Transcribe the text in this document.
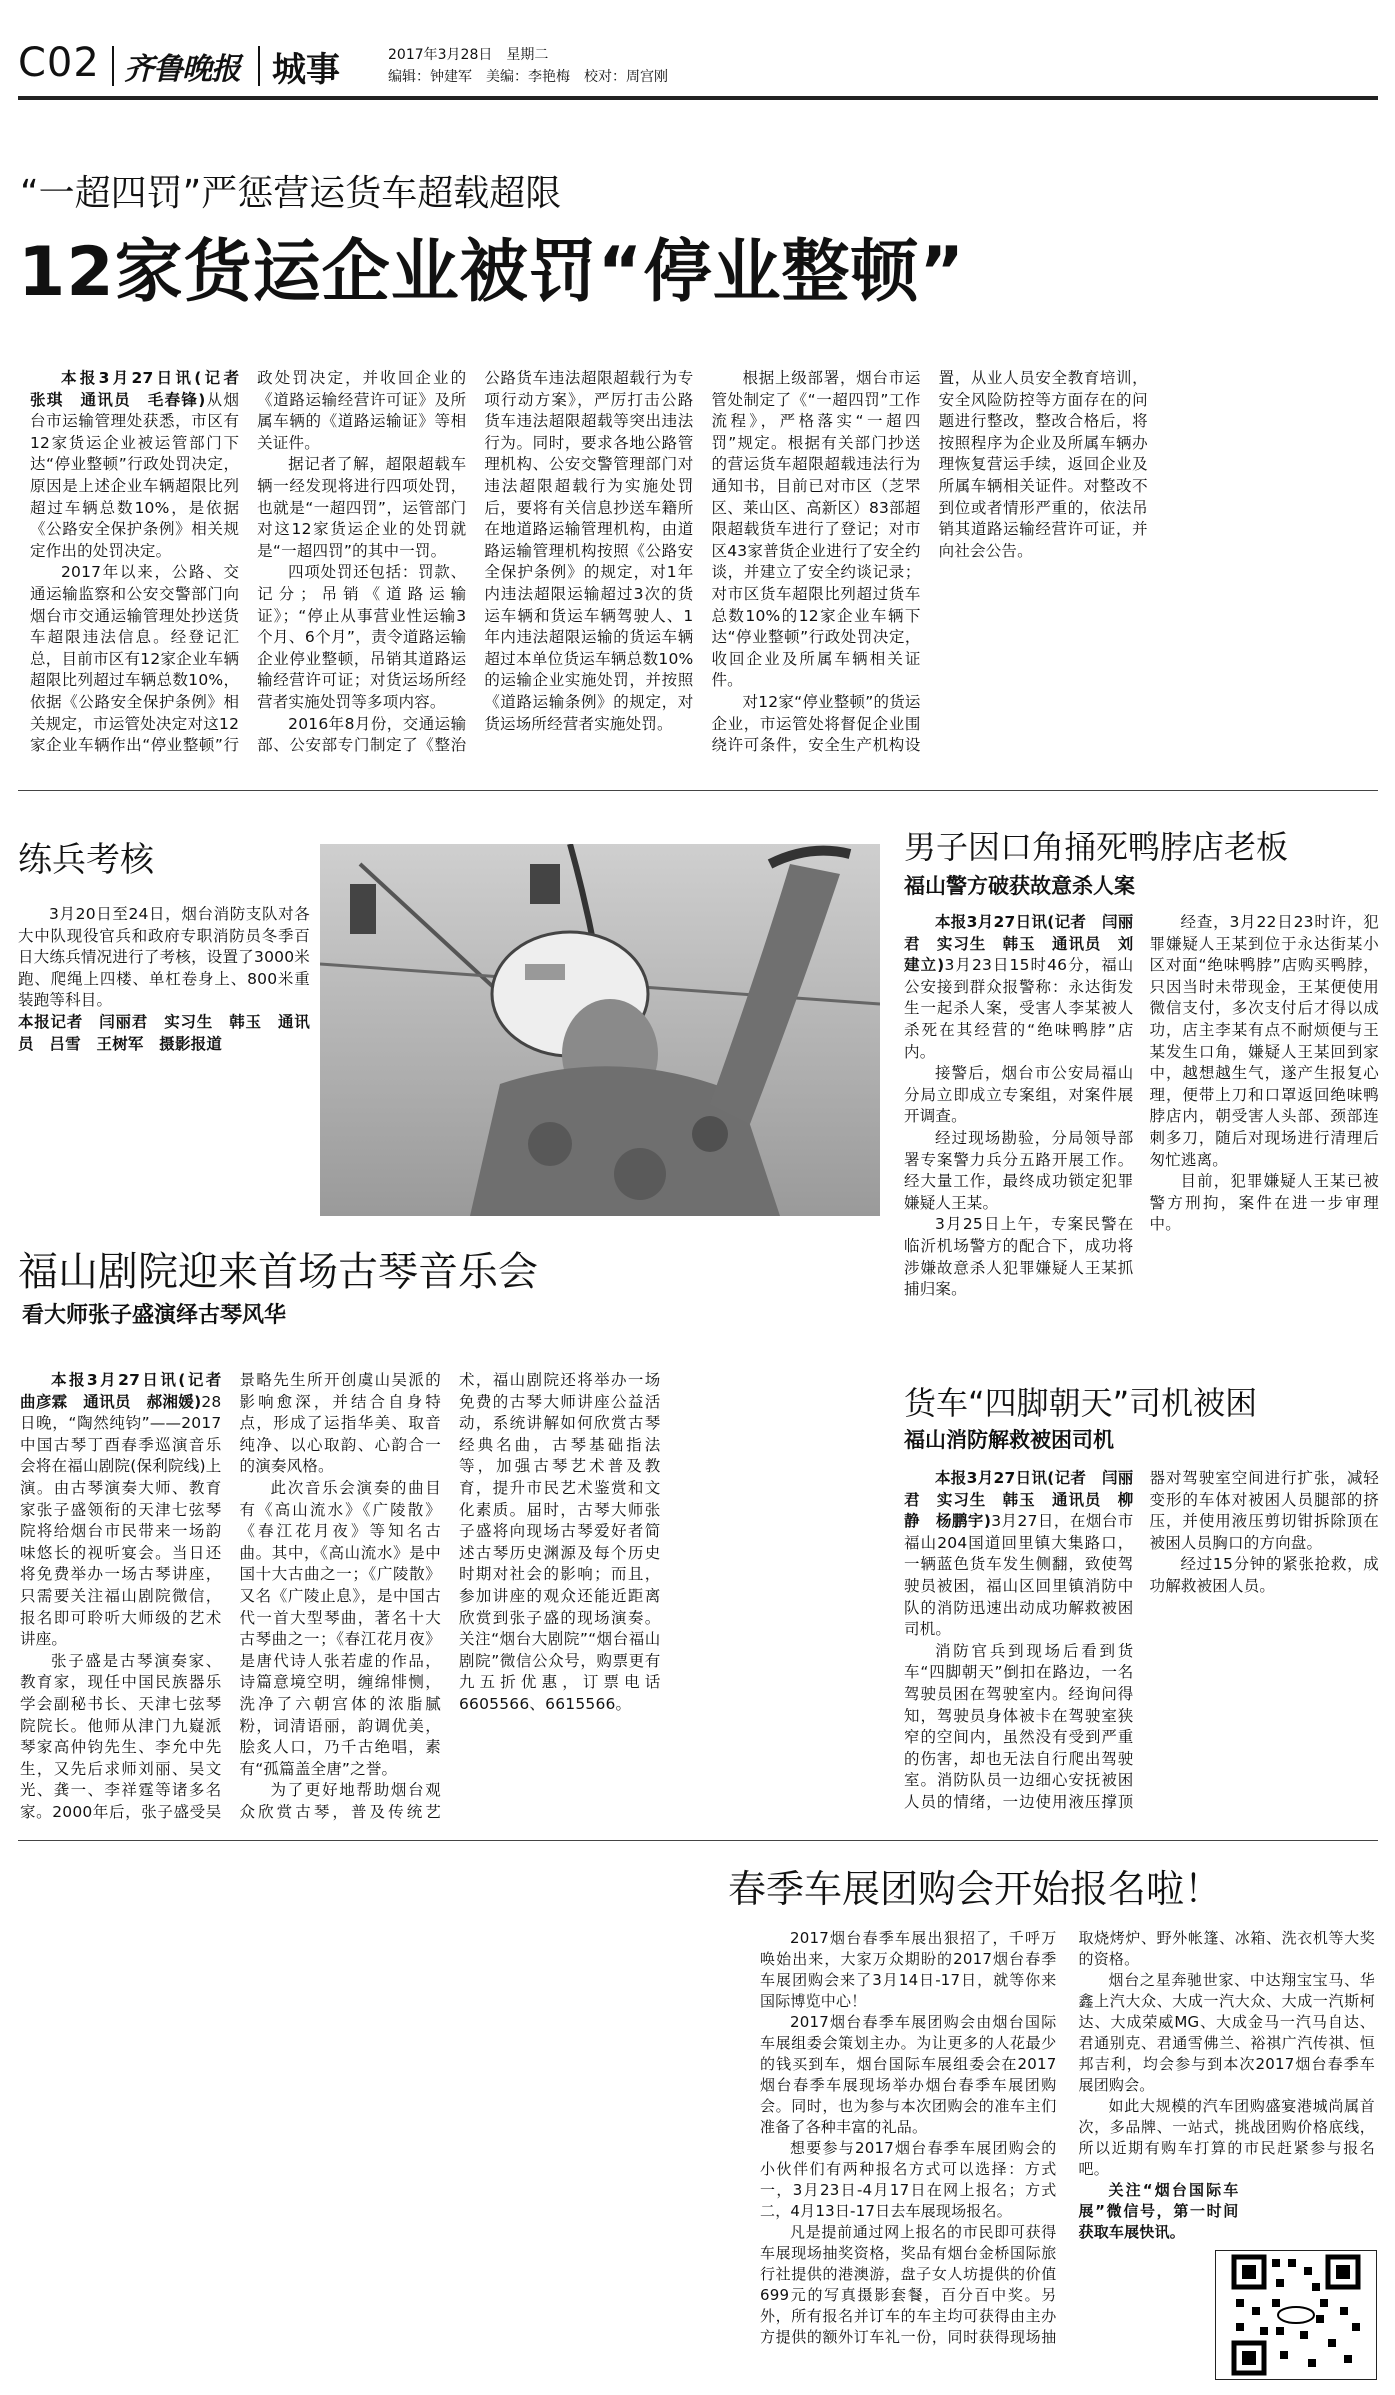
C02 齐鲁晚报 城事	2017年3月28日　星期二
编辑：钟建军　美编：李艳梅　校对：周宫刚
“一超四罚”严惩营运货车超载超限
12家货运企业被罚“停业整顿”

本报3月27日讯(记者　张琪　通讯员　毛春锋)从烟台市运输管理处获悉，市区有12家货运企业被运管部门下达“停业整顿”行政处罚决定，原因是上述企业车辆超限比列超过车辆总数10%，是依据《公路安全保护条例》相关规定作出的处罚决定。

2017年以来，公路、交通运输监察和公安交警部门向烟台市交通运输管理处抄送货车超限违法信息。经登记汇总，目前市区有12家企业车辆超限比列超过车辆总数10%，依据《公路安全保护条例》相关规定，市运管处决定对这12家企业车辆作出“停业整顿”行政处罚决定，并收回企业的《道路运输经营许可证》及所属车辆的《道路运输证》等相关证件。

据记者了解，超限超载车辆一经发现将进行四项处罚，也就是“一超四罚”，运管部门对这12家货运企业的处罚就是“一超四罚”的其中一罚。

四项处罚还包括：罚款、记分；吊销《道路运输证》；“停止从事营业性运输3个月、6个月”，责令道路运输企业停业整顿，吊销其道路运输经营许可证；对货运场所经营者实施处罚等多项内容。

2016年8月份，交通运输部、公安部专门制定了《整治公路货车违法超限超载行为专项行动方案》，严厉打击公路货车违法超限超载等突出违法行为。同时，要求各地公路管理机构、公安交警管理部门对违法超限超载行为实施处罚后，要将有关信息抄送车籍所在地道路运输管理机构，由道路运输管理机构按照《公路安全保护条例》的规定，对1年内违法超限运输超过3次的货运车辆和货运车辆驾驶人、1年内违法超限运输的货运车辆超过本单位货运车辆总数10%的运输企业实施处罚，并按照《道路运输条例》的规定，对货运场所经营者实施处罚。

根据上级部署，烟台市运管处制定了《“一超四罚”工作流程》，严格落实“一超四罚”规定。根据有关部门抄送的营运货车超限超载违法行为通知书，目前已对市区（芝罘区、莱山区、高新区）83部超限超载货车进行了登记；对市区43家普货企业进行了安全约谈，并建立了安全约谈记录；对市区货车超限比列超过货车总数10%的12家企业车辆下达“停业整顿”行政处罚决定，收回企业及所属车辆相关证件。

对12家“停业整顿”的货运企业，市运管处将督促企业围绕许可条件，安全生产机构设置，从业人员安全教育培训，安全风险防控等方面存在的问题进行整改，整改合格后，将按照程序为企业及所属车辆办理恢复营运手续，返回企业及所属车辆相关证件。对整改不到位或者情形严重的，依法吊销其道路运输经营许可证，并向社会公告。

练兵考核

3月20日至24日，烟台消防支队对各大中队现役官兵和政府专职消防员冬季百日大练兵情况进行了考核，设置了3000米跑、爬绳上四楼、单杠卷身上、800米重装跑等科目。

本报记者　闫丽君　实习生　韩玉　通讯员　吕雪　王树军　摄影报道

男子因口角捅死鸭脖店老板
福山警方破获故意杀人案

本报3月27日讯(记者　闫丽君　实习生　韩玉　通讯员　刘建立)3月23日15时46分，福山公安接到群众报警称：永达街发生一起杀人案，受害人李某被人杀死在其经营的“绝味鸭脖”店内。

接警后，烟台市公安局福山分局立即成立专案组，对案件展开调查。

经过现场勘验，分局领导部署专案警力兵分五路开展工作。经大量工作，最终成功锁定犯罪嫌疑人王某。

3月25日上午，专案民警在临沂机场警方的配合下，成功将涉嫌故意杀人犯罪嫌疑人王某抓捕归案。

经查，3月22日23时许，犯罪嫌疑人王某到位于永达街某小区对面“绝味鸭脖”店购买鸭脖，只因当时未带现金，王某便使用微信支付，多次支付后才得以成功，店主李某有点不耐烦便与王某发生口角，嫌疑人王某回到家中，越想越生气，遂产生报复心理，便带上刀和口罩返回绝味鸭脖店内，朝受害人头部、颈部连刺多刀，随后对现场进行清理后匆忙逃离。

目前，犯罪嫌疑人王某已被警方刑拘，案件在进一步审理中。

福山剧院迎来首场古琴音乐会
看大师张子盛演绎古琴风华

本报3月27日讯(记者　曲彦霖　通讯员　郝湘媛)28日晚，“陶然纯钧”——2017中国古琴丁酉春季巡演音乐会将在福山剧院(保利院线)上演。由古琴演奏大师、教育家张子盛领衔的天津七弦琴院将给烟台市民带来一场韵味悠长的视听宴会。当日还将免费举办一场古琴讲座，只需要关注福山剧院微信，报名即可聆听大师级的艺术讲座。

张子盛是古琴演奏家、教育家，现任中国民族器乐学会副秘书长、天津七弦琴院院长。他师从津门九嶷派琴家高仲钧先生、李允中先生，又先后求师刘丽、吴文光、龚一、李祥霆等诸多名家。2000年后，张子盛受吴景略先生所开创虞山吴派的影响愈深，并结合自身特点，形成了运指华美、取音纯净、以心取韵、心韵合一的演奏风格。

此次音乐会演奏的曲目有《高山流水》《广陵散》《春江花月夜》等知名古曲。其中，《高山流水》是中国十大古曲之一；《广陵散》又名《广陵止息》，是中国古代一首大型琴曲，著名十大古琴曲之一；《春江花月夜》是唐代诗人张若虚的作品，诗篇意境空明，缠绵悱恻，洗净了六朝宫体的浓脂腻粉，词清语丽，韵调优美，脍炙人口，乃千古绝唱，素有“孤篇盖全唐”之誉。

为了更好地帮助烟台观众欣赏古琴，普及传统艺术，福山剧院还将举办一场免费的古琴大师讲座公益活动，系统讲解如何欣赏古琴经典名曲，古琴基础指法等，加强古琴艺术普及教育，提升市民艺术鉴赏和文化素质。届时，古琴大师张子盛将向现场古琴爱好者简述古琴历史渊源及每个历史时期对社会的影响；而且，参加讲座的观众还能近距离欣赏到张子盛的现场演奏。关注“烟台大剧院”“烟台福山剧院”微信公众号，购票更有九五折优惠，订票电话6605566、6615566。

货车“四脚朝天”司机被困
福山消防解救被困司机

本报3月27日讯(记者　闫丽君　实习生　韩玉　通讯员　柳静　杨鹏宇)3月27日，在烟台市福山204国道回里镇大集路口，一辆蓝色货车发生侧翻，致使驾驶员被困，福山区回里镇消防中队的消防迅速出动成功解救被困司机。

消防官兵到现场后看到货车“四脚朝天”倒扣在路边，一名驾驶员困在驾驶室内。经询问得知，驾驶员身体被卡在驾驶室狭窄的空间内，虽然没有受到严重的伤害，却也无法自行爬出驾驶室。消防队员一边细心安抚被困人员的情绪，一边使用液压撑顶器对驾驶室空间进行扩张，减轻变形的车体对被困人员腿部的挤压，并使用液压剪切钳拆除顶在被困人员胸口的方向盘。

经过15分钟的紧张抢救，成功解救被困人员。

春季车展团购会开始报名啦！

2017烟台春季车展出狠招了，千呼万唤始出来，大家万众期盼的2017烟台春季车展团购会来了3月14日-17日，就等你来国际博览中心！

2017烟台春季车展团购会由烟台国际车展组委会策划主办。为让更多的人花最少的钱买到车，烟台国际车展组委会在2017烟台春季车展现场举办烟台春季车展团购会。同时，也为参与本次团购会的准车主们准备了各种丰富的礼品。

想要参与2017烟台春季车展团购会的小伙伴们有两种报名方式可以选择：方式一，3月23日-4月17日在网上报名；方式二，4月13日-17日去车展现场报名。

凡是提前通过网上报名的市民即可获得车展现场抽奖资格，奖品有烟台金桥国际旅行社提供的港澳游，盘子女人坊提供的价值699元的写真摄影套餐，百分百中奖。另外，所有报名并订车的车主均可获得由主办方提供的额外订车礼一份，同时获得现场抽取烧烤炉、野外帐篷、冰箱、洗衣机等大奖的资格。

烟台之星奔驰世家、中达翔宝宝马、华鑫上汽大众、大成一汽大众、大成一汽斯柯达、大成荣威MG、大成金马一汽马自达、君通别克、君通雪佛兰、裕祺广汽传祺、恒邦吉利，均会参与到本次2017烟台春季车展团购会。

如此大规模的汽车团购盛宴港城尚属首次，多品牌、一站式，挑战团购价格底线，所以近期有购车打算的市民赶紧参与报名吧。

关注“烟台国际车展”微信号，第一时间获取车展快讯。
